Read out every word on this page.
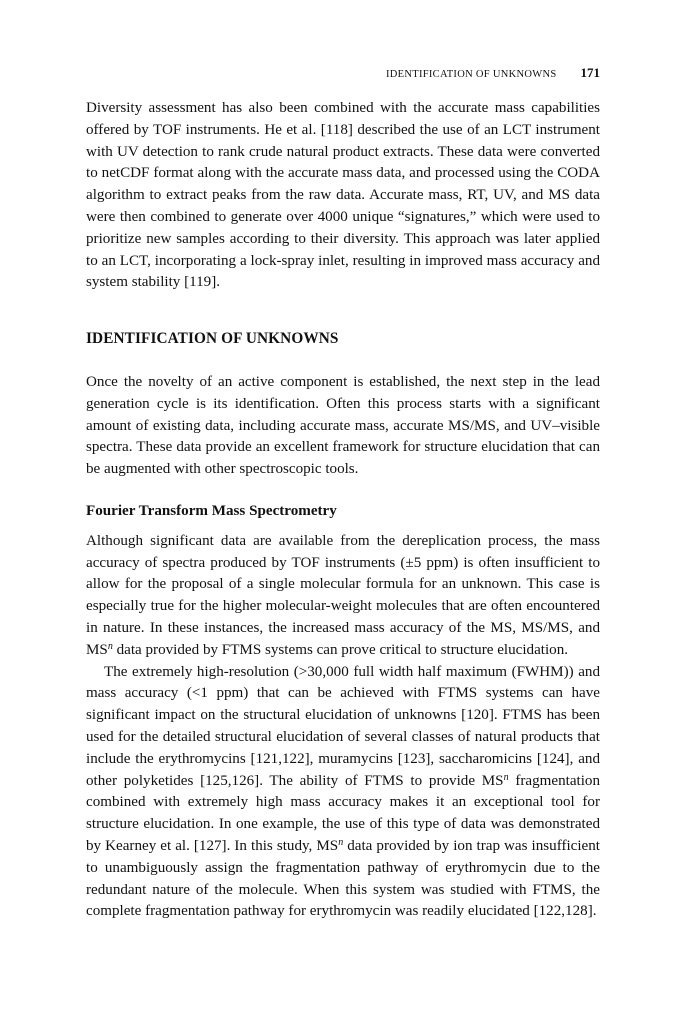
IDENTIFICATION OF UNKNOWNS 171

Diversity assessment has also been combined with the accurate mass capabilities offered by TOF instruments. He et al. [118] described the use of an LCT instrument with UV detection to rank crude natural product extracts. These data were converted to netCDF format along with the accurate mass data, and processed using the CODA algorithm to extract peaks from the raw data. Accurate mass, RT, UV, and MS data were then combined to generate over 4000 unique “signatures,” which were used to prioritize new samples according to their diversity. This approach was later applied to an LCT, incorporating a lock-spray inlet, resulting in improved mass accuracy and system stability [119].

IDENTIFICATION OF UNKNOWNS

Once the novelty of an active component is established, the next step in the lead generation cycle is its identification. Often this process starts with a significant amount of existing data, including accurate mass, accurate MS/MS, and UV–visible spectra. These data provide an excellent framework for structure elucidation that can be augmented with other spectroscopic tools.

Fourier Transform Mass Spectrometry

Although significant data are available from the dereplication process, the mass accuracy of spectra produced by TOF instruments (±5 ppm) is often insufficient to allow for the proposal of a single molecular formula for an unknown. This case is especially true for the higher molecular-weight molecules that are often encountered in nature. In these instances, the increased mass accuracy of the MS, MS/MS, and $MS^n$ data provided by FTMS systems can prove critical to structure elucidation.

The extremely high-resolution (>30,000 full width half maximum (FWHM)) and mass accuracy (<1 ppm) that can be achieved with FTMS systems can have significant impact on the structural elucidation of unknowns [120]. FTMS has been used for the detailed structural elucidation of several classes of natural products that include the erythromycins [121,122], muramycins [123], saccharomicins [124], and other polyketides [125,126]. The ability of FTMS to provide $MS^n$ fragmentation combined with extremely high mass accuracy makes it an exceptional tool for structure elucidation. In one example, the use of this type of data was demonstrated by Kearney et al. [127]. In this study, $MS^n$ data provided by ion trap was insufficient to unambiguously assign the fragmentation pathway of erythromycin due to the redundant nature of the molecule. When this system was studied with FTMS, the complete fragmentation pathway for erythromycin was readily elucidated [122,128].
